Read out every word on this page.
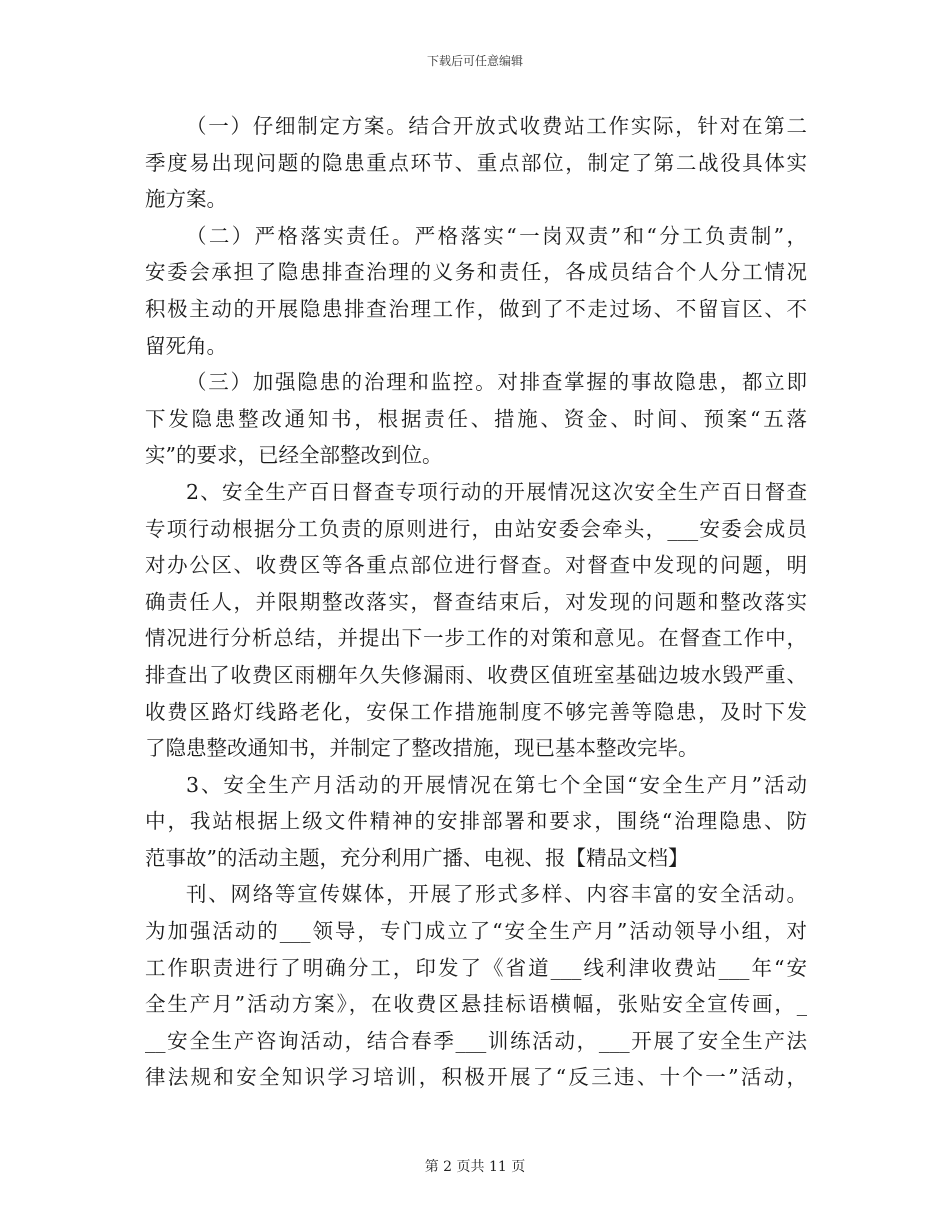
下载后可任意编辑
（一）仔细制定方案。结合开放式收费站工作实际，针对在第二
季度易出现问题的隐患重点环节、重点部位，制定了第二战役具体实
施方案。
（二）严格落实责任。严格落实“一岗双责”和“分工负责制”，
安委会承担了隐患排查治理的义务和责任，各成员结合个人分工情况
积极主动的开展隐患排查治理工作，做到了不走过场、不留盲区、不
留死角。
（三）加强隐患的治理和监控。对排查掌握的事故隐患，都立即
下发隐患整改通知书，根据责任、措施、资金、时间、预案“五落
实”的要求，已经全部整改到位。
2、安全生产百日督查专项行动的开展情况这次安全生产百日督查
专项行动根据分工负责的原则进行，由站安委会牵头，___安委会成员
对办公区、收费区等各重点部位进行督查。对督查中发现的问题，明
确责任人，并限期整改落实，督查结束后，对发现的问题和整改落实
情况进行分析总结，并提出下一步工作的对策和意见。在督查工作中，
排查出了收费区雨棚年久失修漏雨、收费区值班室基础边坡水毁严重、
收费区路灯线路老化，安保工作措施制度不够完善等隐患，及时下发
了隐患整改通知书，并制定了整改措施，现已基本整改完毕。
3、安全生产月活动的开展情况在第七个全国“安全生产月”活动
中，我站根据上级文件精神的安排部署和要求，围绕“治理隐患、防
范事故”的活动主题，充分利用广播、电视、报【精品文档】
刊、网络等宣传媒体，开展了形式多样、内容丰富的安全活动。
为加强活动的___领导，专门成立了“安全生产月”活动领导小组，对
工作职责进行了明确分工，印发了《省道___线利津收费站___年“安
全生产月”活动方案》，在收费区悬挂标语横幅，张贴安全宣传画，_
__安全生产咨询活动，结合春季___训练活动，___开展了安全生产法
律法规和安全知识学习培训，积极开展了“反三违、十个一”活动，
第 2 页共 11 页
